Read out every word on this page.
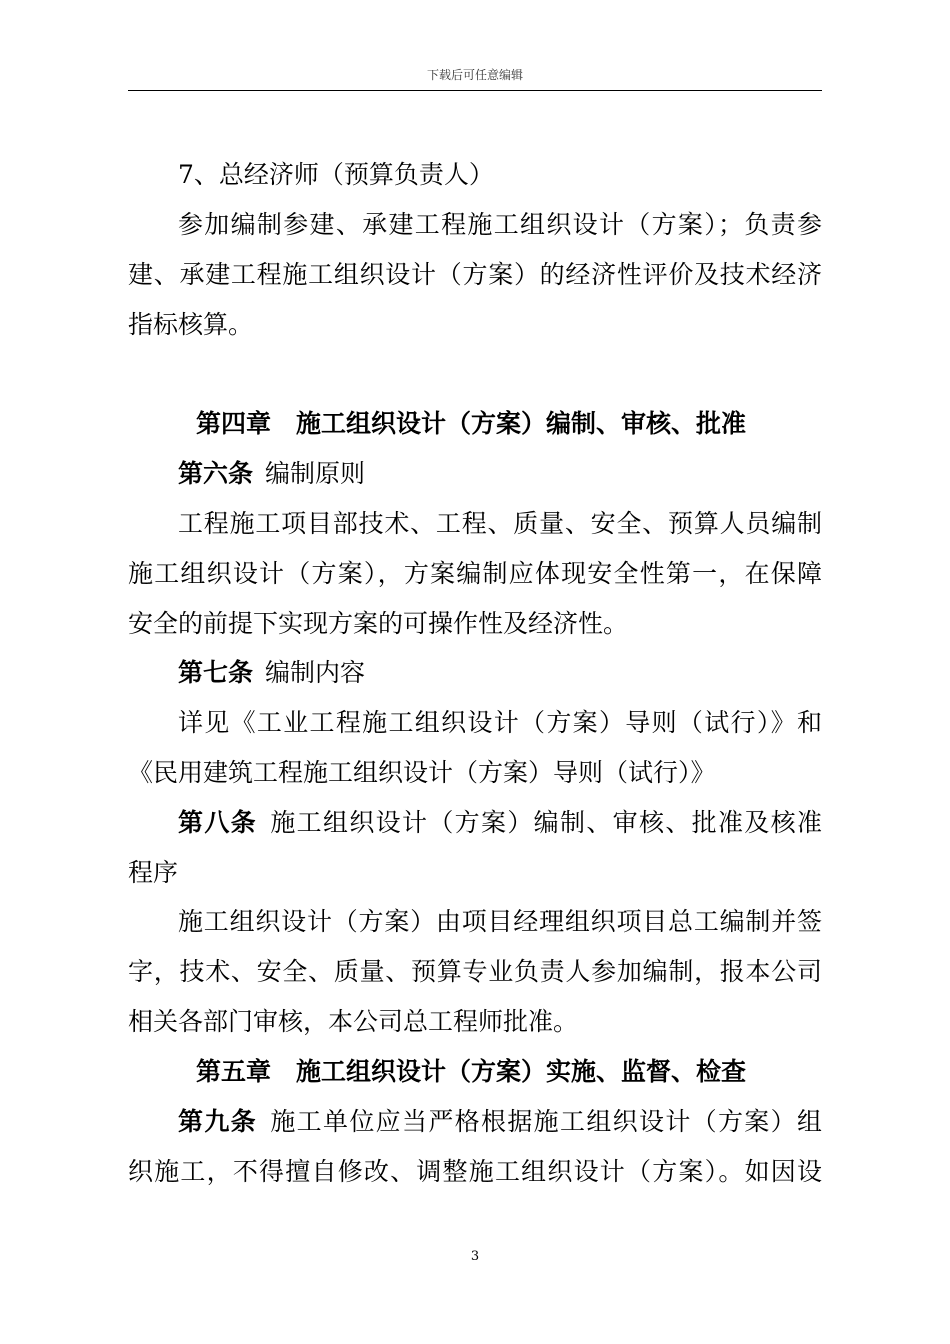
下载后可任意编辑
7、总经济师（预算负责人）
参加编制参建、承建工程施工组织设计（方案）；负责参
建、承建工程施工组织设计（方案）的经济性评价及技术经济
指标核算。
第四章 施工组织设计（方案）编制、审核、批准
第六条 编制原则
工程施工项目部技术、工程、质量、安全、预算人员编制
施工组织设计（方案），方案编制应体现安全性第一，在保障
安全的前提下实现方案的可操作性及经济性。
第七条 编制内容
详见《工业工程施工组织设计（方案）导则（试行）》和
《民用建筑工程施工组织设计（方案）导则（试行）》
第八条 施工组织设计（方案）编制、审核、批准及核准
程序
施工组织设计（方案）由项目经理组织项目总工编制并签
字，技术、安全、质量、预算专业负责人参加编制，报本公司
相关各部门审核，本公司总工程师批准。
第五章 施工组织设计（方案）实施、监督、检查
第九条 施工单位应当严格根据施工组织设计（方案）组
织施工，不得擅自修改、调整施工组织设计（方案）。如因设
3
